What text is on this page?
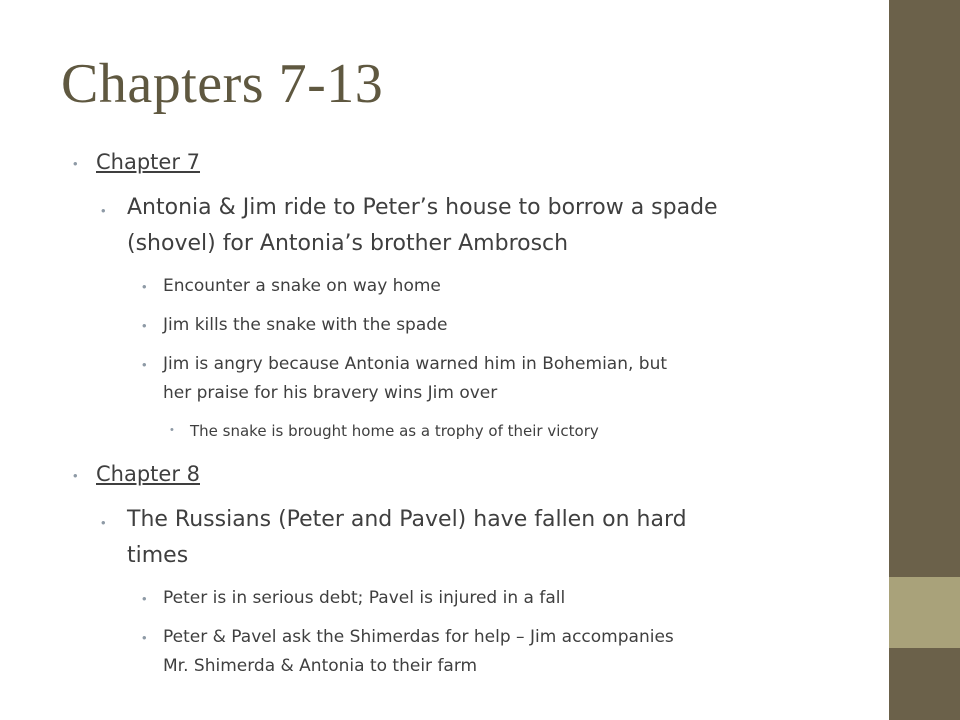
Chapters 7-13
• Chapter 7
• Antonia & Jim ride to Peter’s house to borrow a spade
(shovel) for Antonia’s brother Ambrosch
• Encounter a snake on way home
• Jim kills the snake with the spade
• Jim is angry because Antonia warned him in Bohemian, but
her praise for his bravery wins Jim over
• The snake is brought home as a trophy of their victory
• Chapter 8
• The Russians (Peter and Pavel) have fallen on hard
times
• Peter is in serious debt; Pavel is injured in a fall
• Peter & Pavel ask the Shimerdas for help – Jim accompanies
Mr. Shimerda & Antonia to their farm
